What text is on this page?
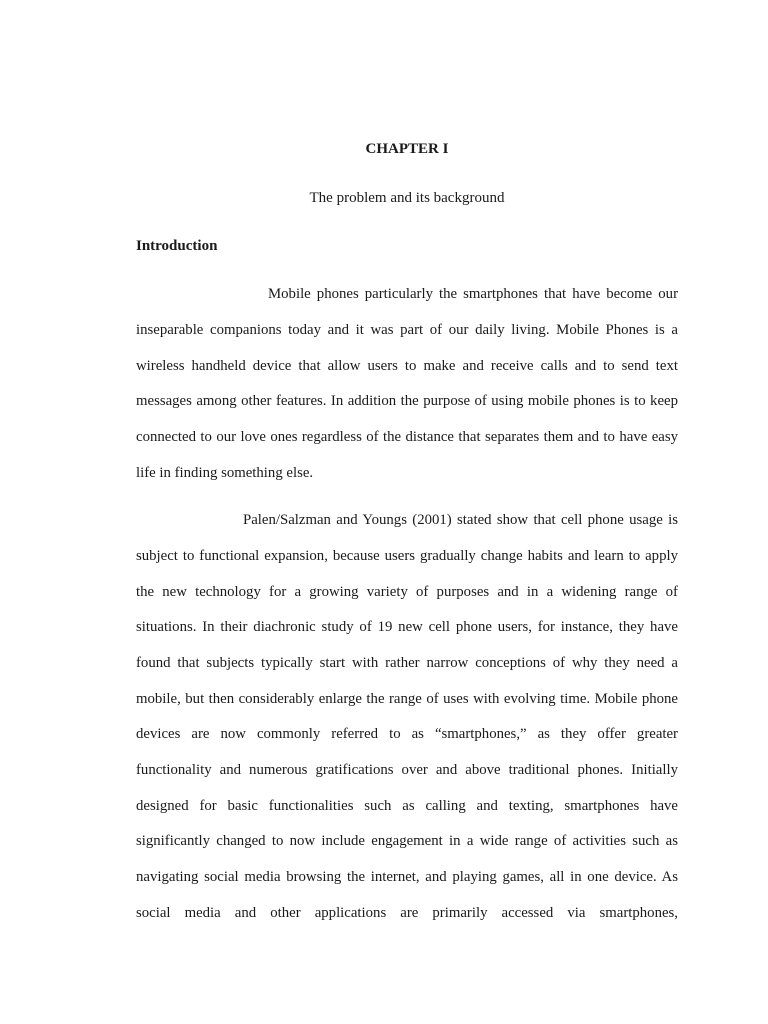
CHAPTER I
The problem and its background
Introduction
Mobile phones particularly the smartphones that have become our
inseparable companions today and it was part of our daily living. Mobile Phones is a
wireless handheld device that allow users to make and receive calls and to send text
messages among other features. In addition the purpose of using mobile phones is to keep
connected to our love ones regardless of the distance that separates them and to have easy
life in finding something else.
Palen/Salzman and Youngs (2001) stated show that cell phone usage is
subject to functional expansion, because users gradually change habits and learn to apply
the new technology for a growing variety of purposes and in a widening range of
situations. In their diachronic study of 19 new cell phone users, for instance, they have
found that subjects typically start with rather narrow conceptions of why they need a
mobile, but then considerably enlarge the range of uses with evolving time. Mobile phone
devices are now commonly referred to as “smartphones,” as they offer greater
functionality and numerous gratifications over and above traditional phones. Initially
designed for basic functionalities such as calling and texting, smartphones have
significantly changed to now include engagement in a wide range of activities such as
navigating social media browsing the internet, and playing games, all in one device. As
social media and other applications are primarily accessed via smartphones,
